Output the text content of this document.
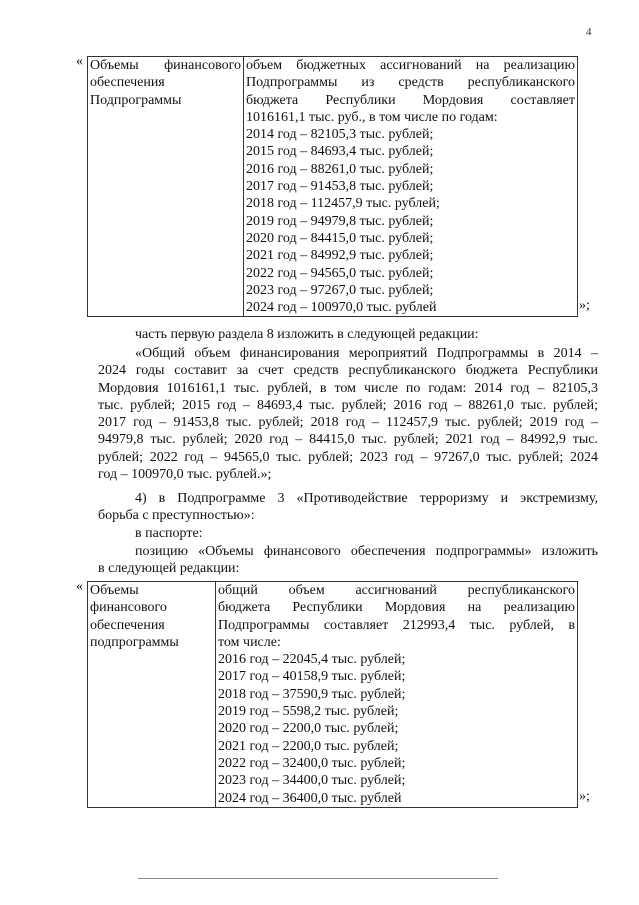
4
« Объемы финансового
обеспечения
Подпрограммы

объем бюджетных ассигнований на реализацию
Подпрограммы из средств республиканского
бюджета Республики Мордовия составляет
1016161,1 тыс. руб., в том числе по годам:
2014 год – 82105,3 тыс. рублей;
2015 год – 84693,4 тыс. рублей;
2016 год – 88261,0 тыс. рублей;
2017 год – 91453,8 тыс. рублей;
2018 год – 112457,9 тыс. рублей;
2019 год – 94979,8 тыс. рублей;
2020 год – 84415,0 тыс. рублей;
2021 год – 84992,9 тыс. рублей;
2022 год – 94565,0 тыс. рублей;
2023 год – 97267,0 тыс. рублей;
2024 год – 100970,0 тыс. рублей	»;

часть первую раздела 8 изложить в следующей редакции:

«Общий объем финансирования мероприятий Подпрограммы в 2014 –
2024 годы составит за счет средств республиканского бюджета Республики
Мордовия 1016161,1 тыс. рублей, в том числе по годам: 2014 год – 82105,3
тыс. рублей; 2015 год – 84693,4 тыс. рублей; 2016 год – 88261,0 тыс. рублей;
2017 год – 91453,8 тыс. рублей; 2018 год – 112457,9 тыс. рублей; 2019 год –
94979,8 тыс. рублей; 2020 год – 84415,0 тыс. рублей; 2021 год – 84992,9 тыс.
рублей; 2022 год – 94565,0 тыс. рублей; 2023 год – 97267,0 тыс. рублей; 2024
год – 100970,0 тыс. рублей.»;
4) в Подпрограмме 3 «Противодействие терроризму и экстремизму,
борьба с преступностью»:

в паспорте:

позицию «Объемы финансового обеспечения подпрограммы» изложить
в следующей редакции:
« Объемы
финансового
обеспечения
подпрограммы

общий объем ассигнований республиканского
бюджета Республики Мордовия на реализацию
Подпрограммы составляет 212993,4 тыс. рублей, в
том числе:
2016 год – 22045,4 тыс. рублей;
2017 год – 40158,9 тыс. рублей;
2018 год – 37590,9 тыс. рублей;
2019 год – 5598,2 тыс. рублей;
2020 год – 2200,0 тыс. рублей;
2021 год – 2200,0 тыс. рублей;
2022 год – 32400,0 тыс. рублей;
2023 год – 34400,0 тыс. рублей;
2024 год – 36400,0 тыс. рублей	»;
